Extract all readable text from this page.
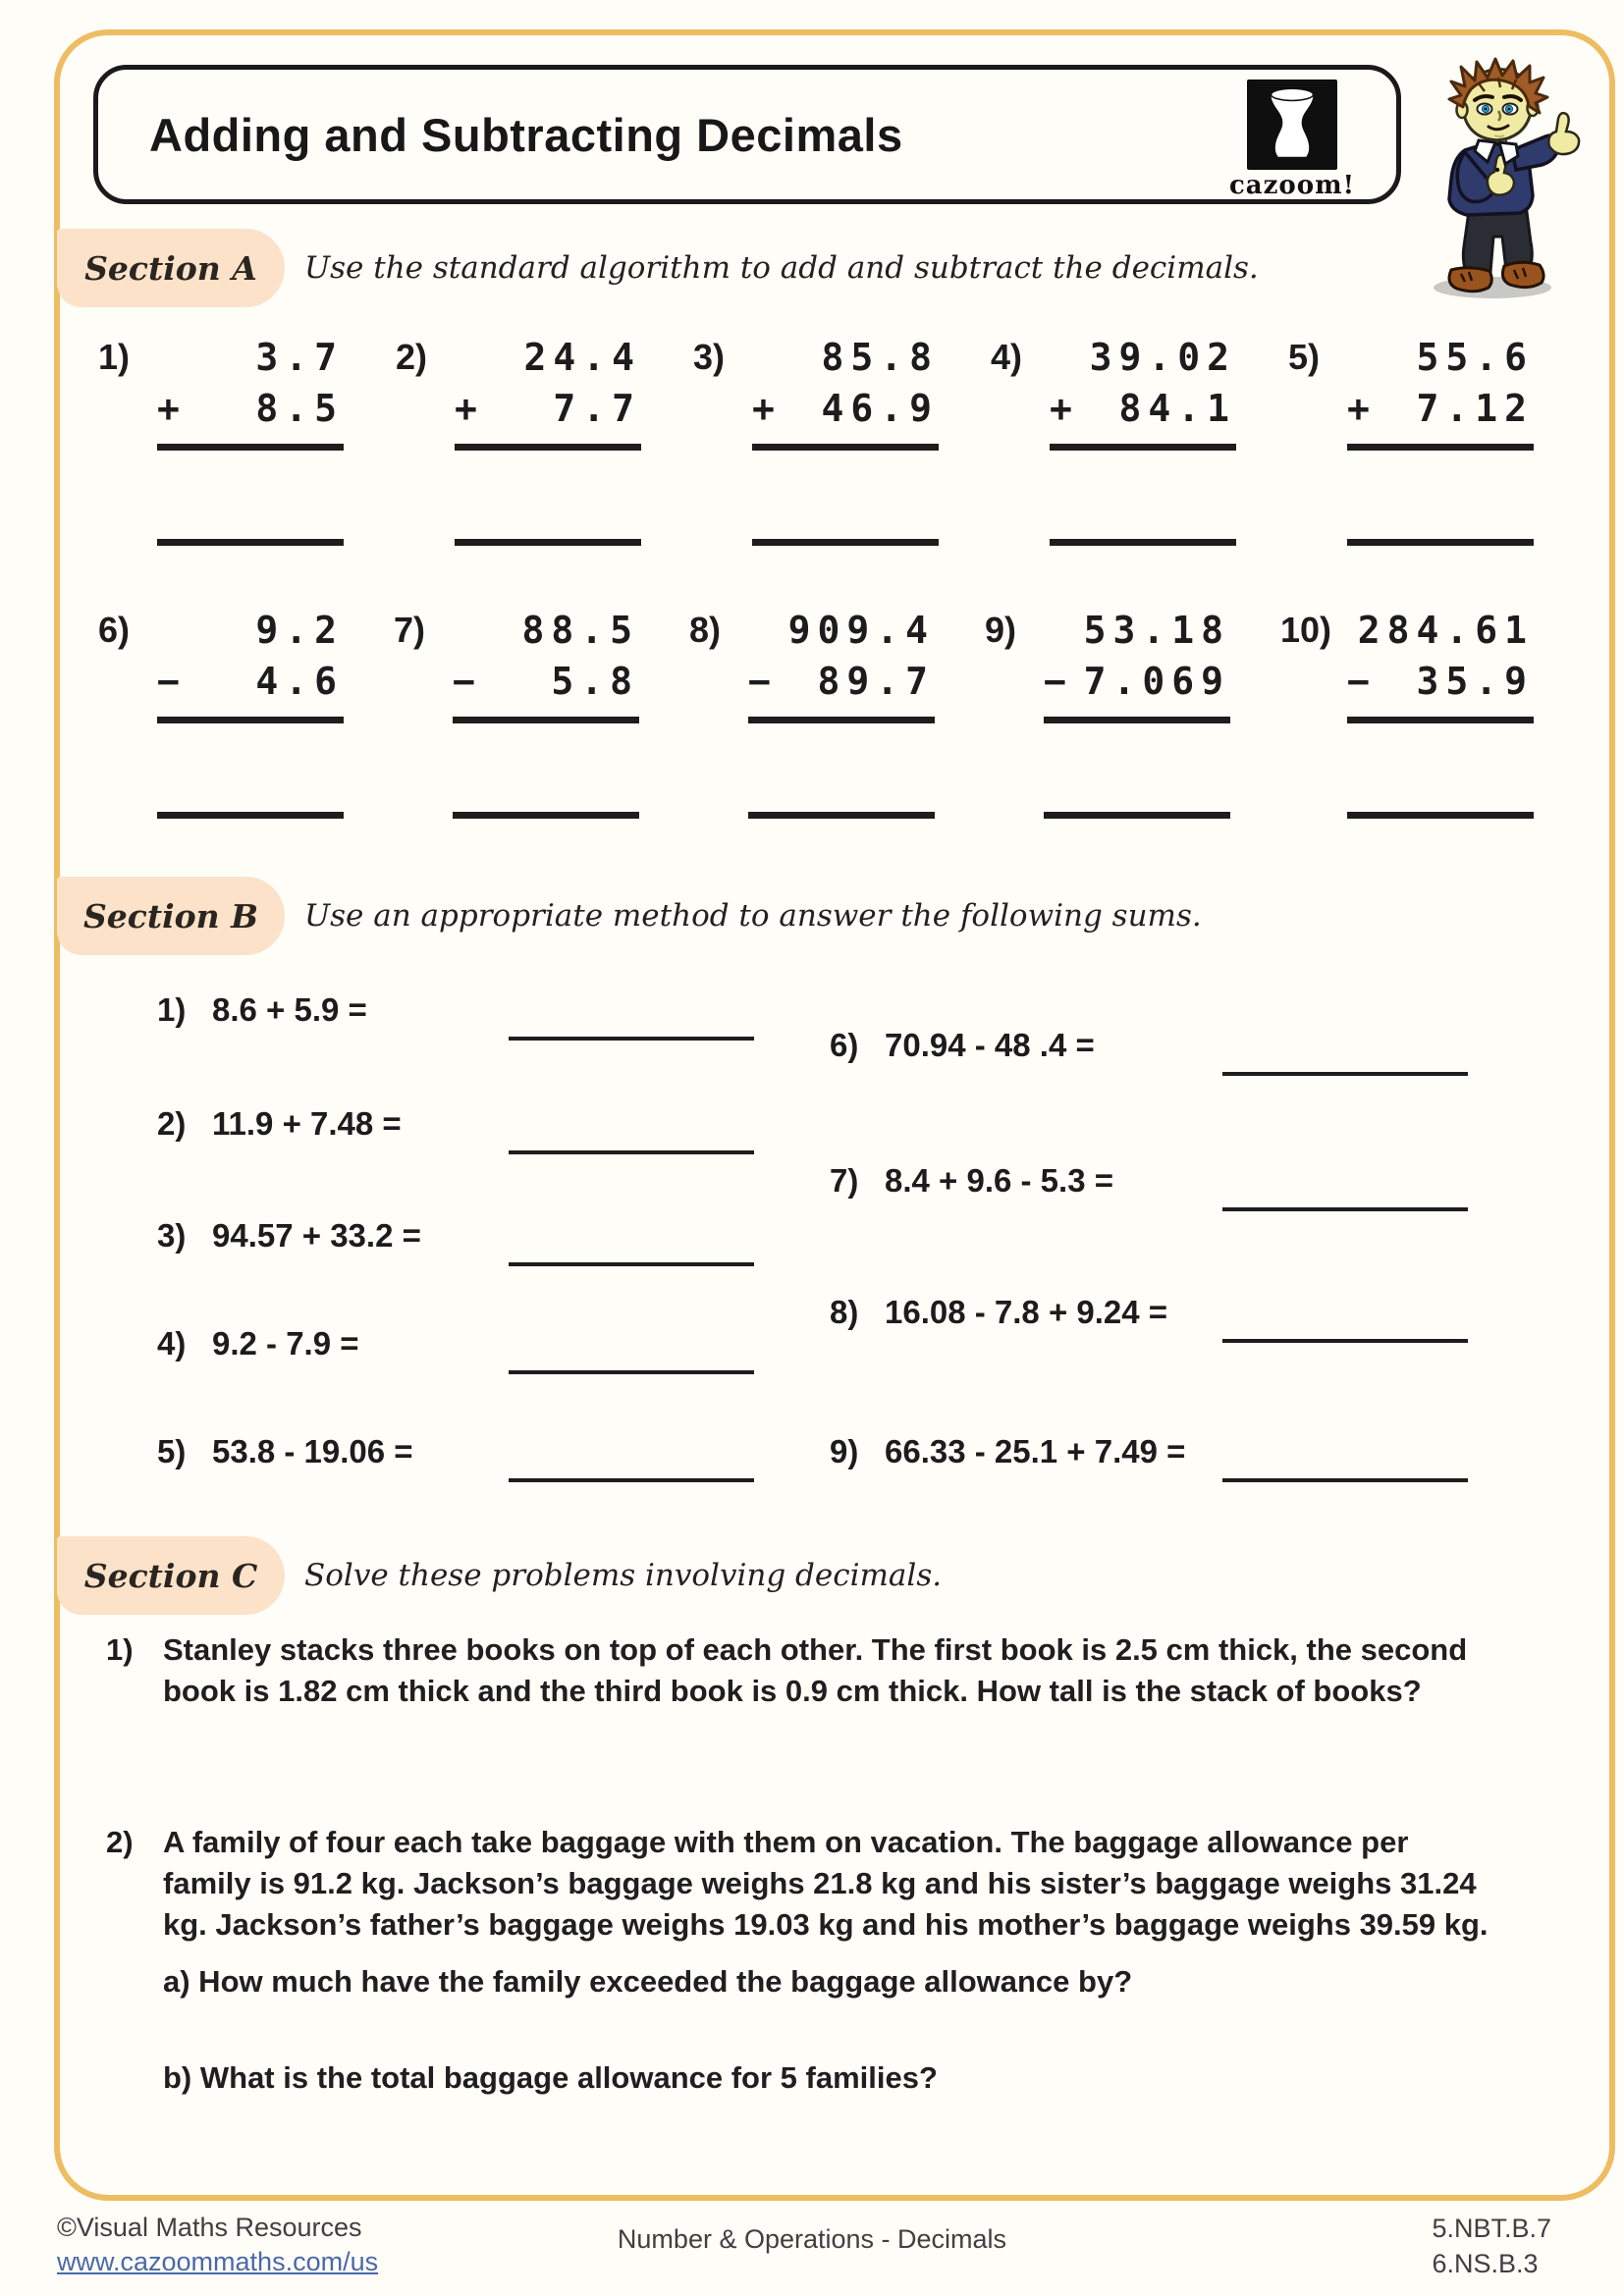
Adding and Subtracting Decimals
cazoom!
Section A Use the standard algorithm to add and subtract the decimals.
1)	3.7
+ 8.5
2)	24.4
+ 7.7
3)	85.8
+ 46.9
4)	39.02
+ 84.1
5)	55.6
+ 7.12
6)	9.2
− 4.6
7)	88.5
− 5.8
8)	909.4
− 89.7
9)	53.18
− 7.069
10) 284.61
− 35.9
Section B Use an appropriate method to answer the following sums.
1) 8.6 + 5.9 =
2) 11.9 + 7.48 =
3) 94.57 + 33.2 =
4) 9.2 - 7.9 =
5) 53.8 - 19.06 =
6) 70.94 - 48 .4 =
7) 8.4 + 9.6 - 5.3 =
8) 16.08 - 7.8 + 9.24 =
9) 66.33 - 25.1 + 7.49 =
Section C Solve these problems involving decimals.
1) Stanley stacks three books on top of each other. The first book is 2.5 cm thick, the second book is 1.82 cm thick and the third book is 0.9 cm thick. How tall is the stack of books?
2) A family of four each take baggage with them on vacation. The baggage allowance per family is 91.2 kg. Jackson’s baggage weighs 21.8 kg and his sister’s baggage weighs 31.24 kg. Jackson’s father’s baggage weighs 19.03 kg and his mother’s baggage weighs 39.59 kg.
a) How much have the family exceeded the baggage allowance by?
b) What is the total baggage allowance for 5 families?
©Visual Maths Resources
www.cazoommaths.com/us
Number & Operations - Decimals	5.NBT.B.7
6.NS.B.3
